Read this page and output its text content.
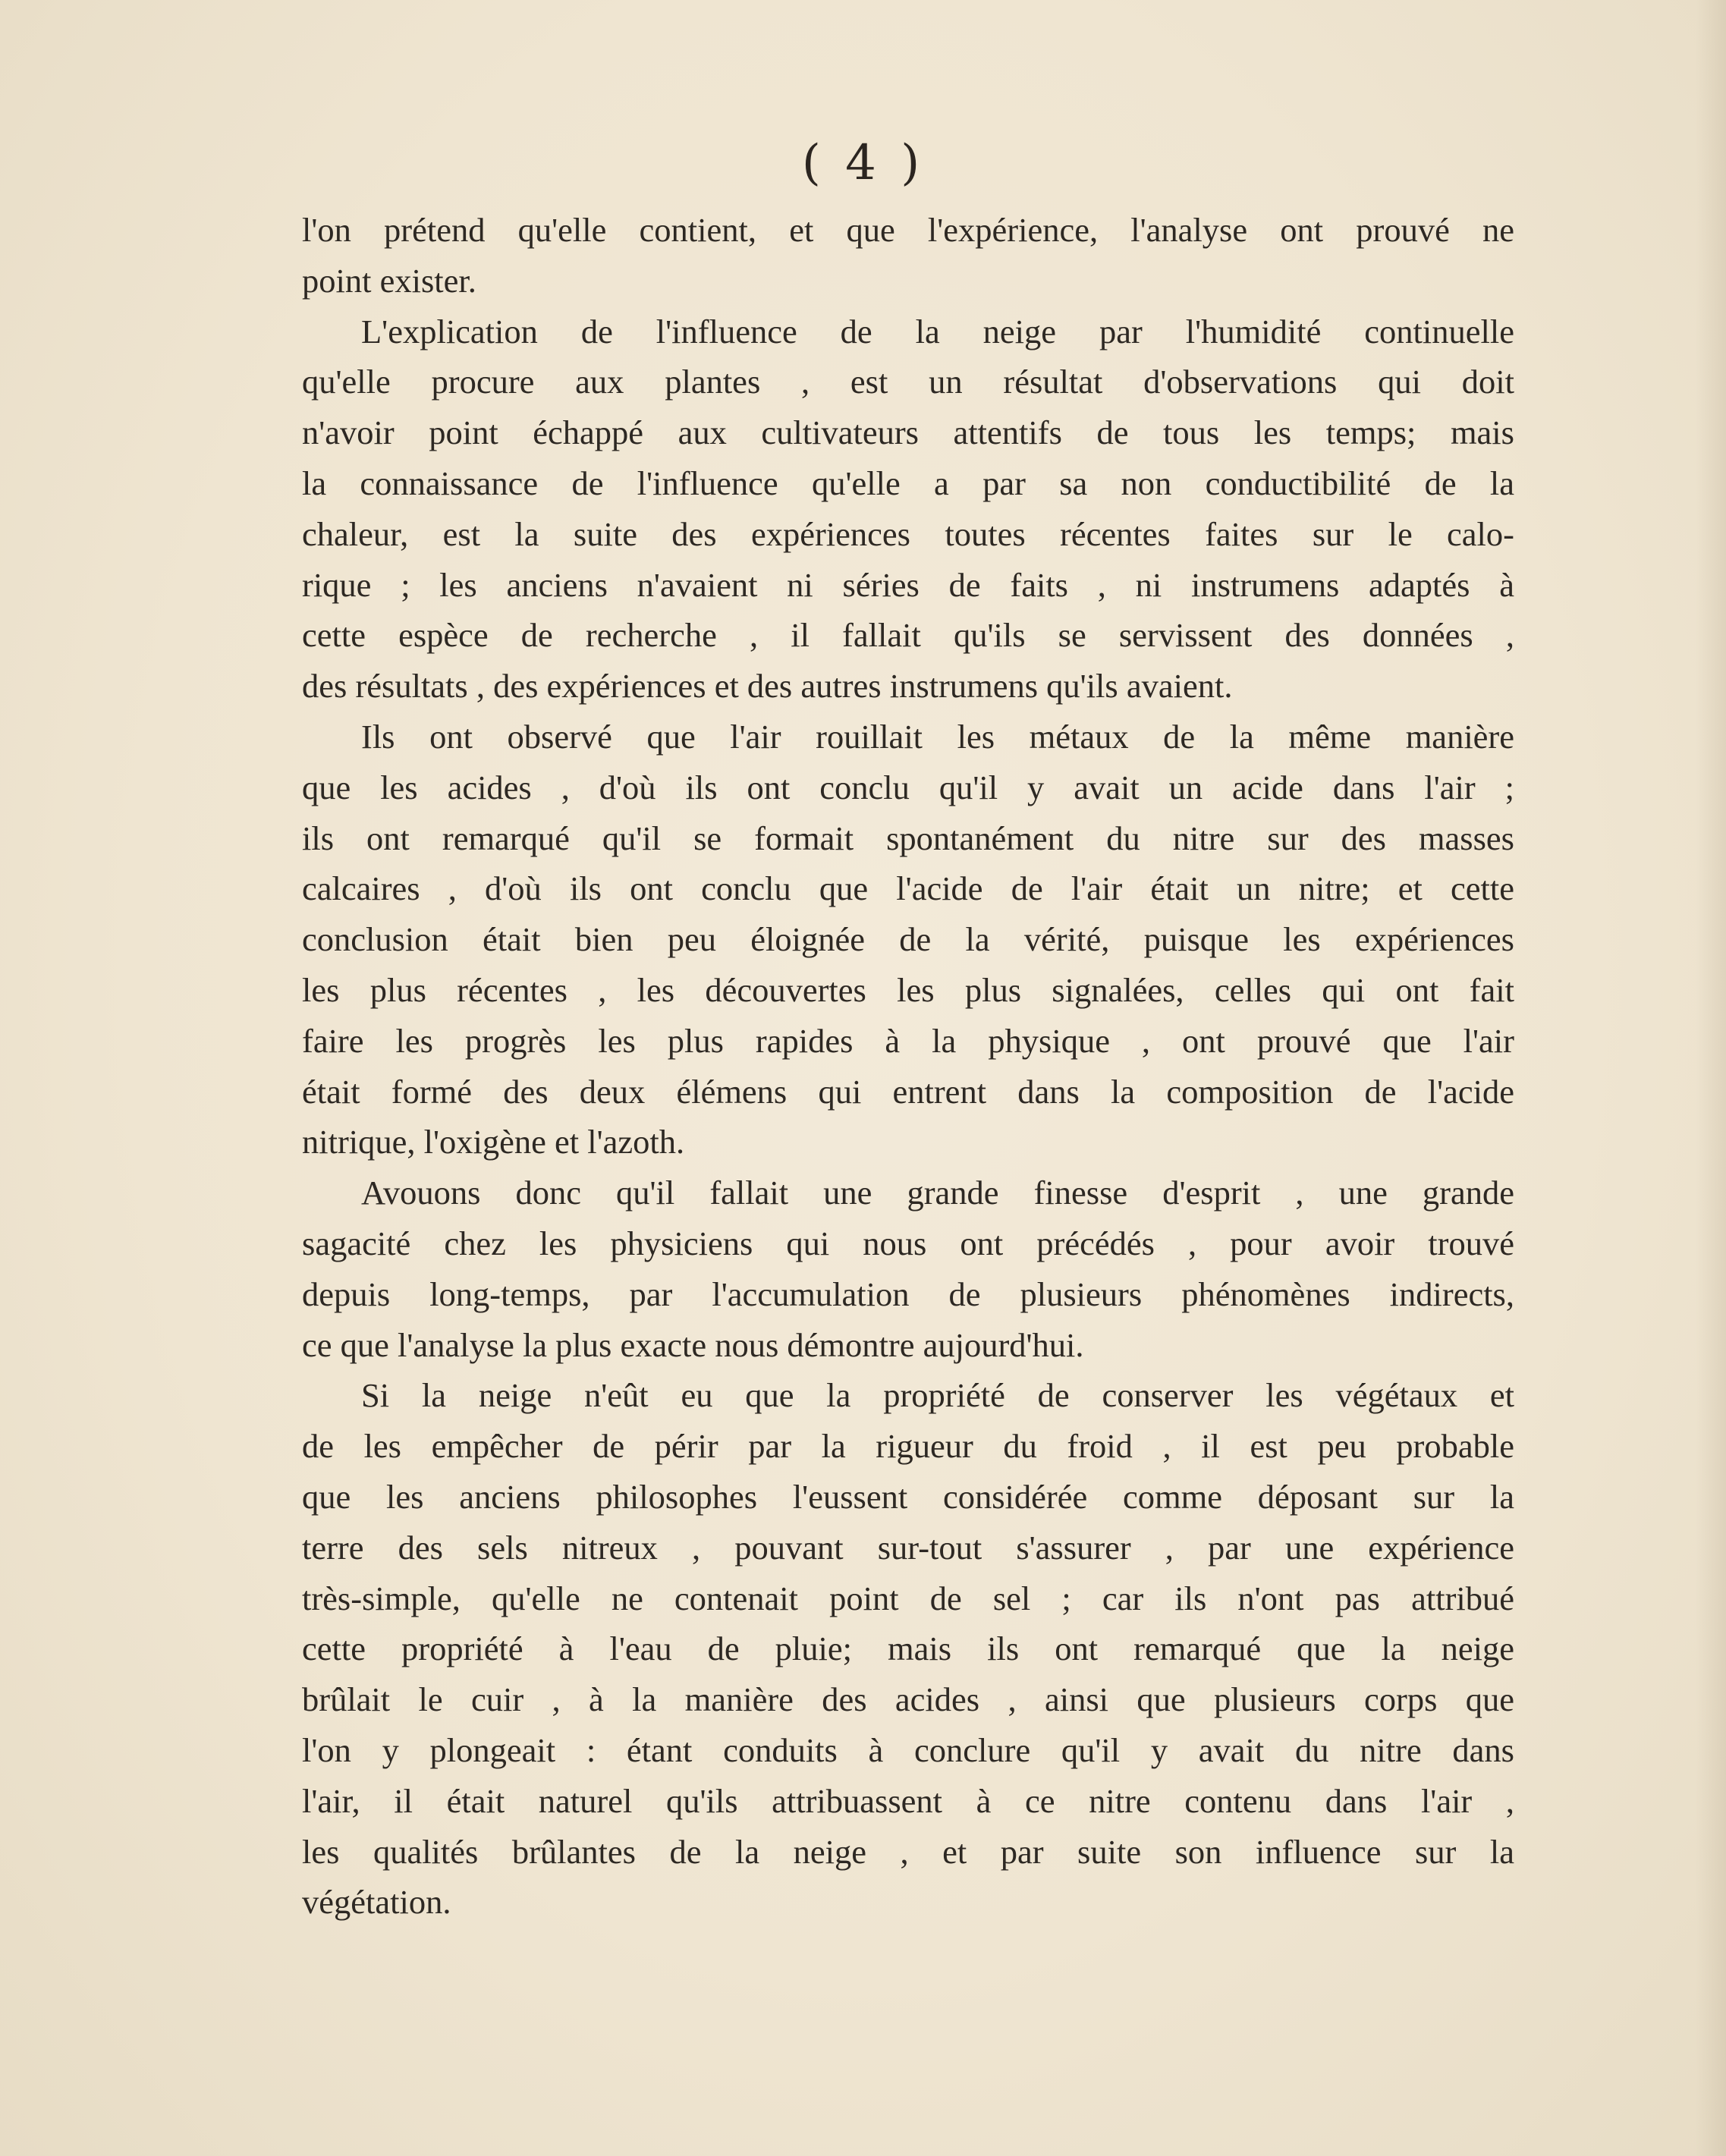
( 4 )
l'on prétend qu'elle contient, et que l'expérience, l'analyse ont prouvé ne
point exister.
L'explication de l'influence de la neige par l'humidité continuelle
qu'elle procure aux plantes , est un résultat d'observations qui doit
n'avoir point échappé aux cultivateurs attentifs de tous les temps; mais
la connaissance de l'influence qu'elle a par sa non conductibilité de la
chaleur, est la suite des expériences toutes récentes faites sur le calo-
rique ; les anciens n'avaient ni séries de faits , ni instrumens adaptés à
cette espèce de recherche , il fallait qu'ils se servissent des données ,
des résultats , des expériences et des autres instrumens qu'ils avaient.
Ils ont observé que l'air rouillait les métaux de la même manière
que les acides , d'où ils ont conclu qu'il y avait un acide dans l'air ;
ils ont remarqué qu'il se formait spontanément du nitre sur des masses
calcaires , d'où ils ont conclu que l'acide de l'air était un nitre; et cette
conclusion était bien peu éloignée de la vérité, puisque les expériences
les plus récentes , les découvertes les plus signalées, celles qui ont fait
faire les progrès les plus rapides à la physique , ont prouvé que l'air
était formé des deux élémens qui entrent dans la composition de l'acide
nitrique, l'oxigène et l'azoth.
Avouons donc qu'il fallait une grande finesse d'esprit , une grande
sagacité chez les physiciens qui nous ont précédés , pour avoir trouvé
depuis long-temps, par l'accumulation de plusieurs phénomènes indirects,
ce que l'analyse la plus exacte nous démontre aujourd'hui.
Si la neige n'eût eu que la propriété de conserver les végétaux et
de les empêcher de périr par la rigueur du froid , il est peu probable
que les anciens philosophes l'eussent considérée comme déposant sur la
terre des sels nitreux , pouvant sur-tout s'assurer , par une expérience
très-simple, qu'elle ne contenait point de sel ; car ils n'ont pas attribué
cette propriété à l'eau de pluie; mais ils ont remarqué que la neige
brûlait le cuir , à la manière des acides , ainsi que plusieurs corps que
l'on y plongeait : étant conduits à conclure qu'il y avait du nitre dans
l'air, il était naturel qu'ils attribuassent à ce nitre contenu dans l'air ,
les qualités brûlantes de la neige , et par suite son influence sur la
végétation.
